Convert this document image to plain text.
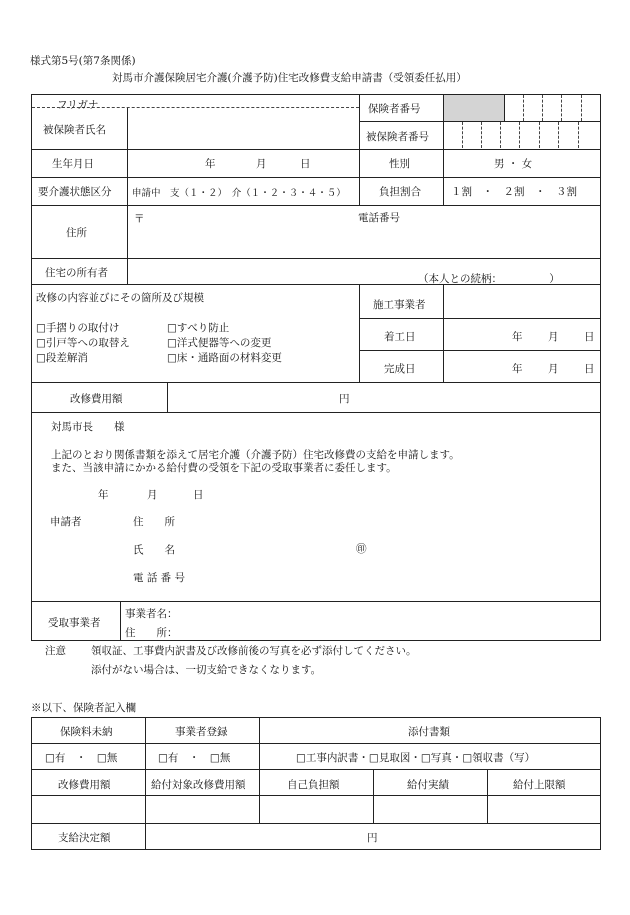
様式第5号(第7条関係)
対馬市介護保険居宅介護(介護予防)住宅改修費支給申請書（受領委任払用）
フリガナ
被保険者氏名
保険者番号
被保険者番号
生年月日	年	月	日	性別	男 ・ 女
要介護状態区分 申請中　支（１・２）　介（１・２・３・４・５）	負担割合	１割　・　２割　・　３割
〒	電話番号
住所
住宅の所有者	（本人との続柄：　　　　　）
改修の内容並びにその箇所及び規模
□手摺りの取付け	□すべり防止
□引戸等への取替え	□洋式便器等への変更
□段差解消	□床・通路面の材料変更
施工事業者
着工日	年 月 日
完成日	年 月 日
改修費用額	円
対馬市長　　様
上記のとおり関係書類を添えて居宅介護（介護予防）住宅改修費の支給を申請します。
また、当該申請にかかる給付費の受領を下記の受取事業者に委任します。
年	月	日
申請者	住　　所
氏　　名	㊞
電 話 番 号
受取事業者
事業者名：
住　　所：
注意 領収証、工事費内訳書及び改修前後の写真を必ず添付してください。
添付がない場合は、一切支給できなくなります。
※以下、保険者記入欄
保険料未納	事業者登録	添付書類
□有　・　□無	□有　・　□無	□工事内訳書・□見取図・□写真・□領収書（写）
改修費用額	給付対象改修費用額	自己負担額	給付実績	給付上限額
支給決定額	円
